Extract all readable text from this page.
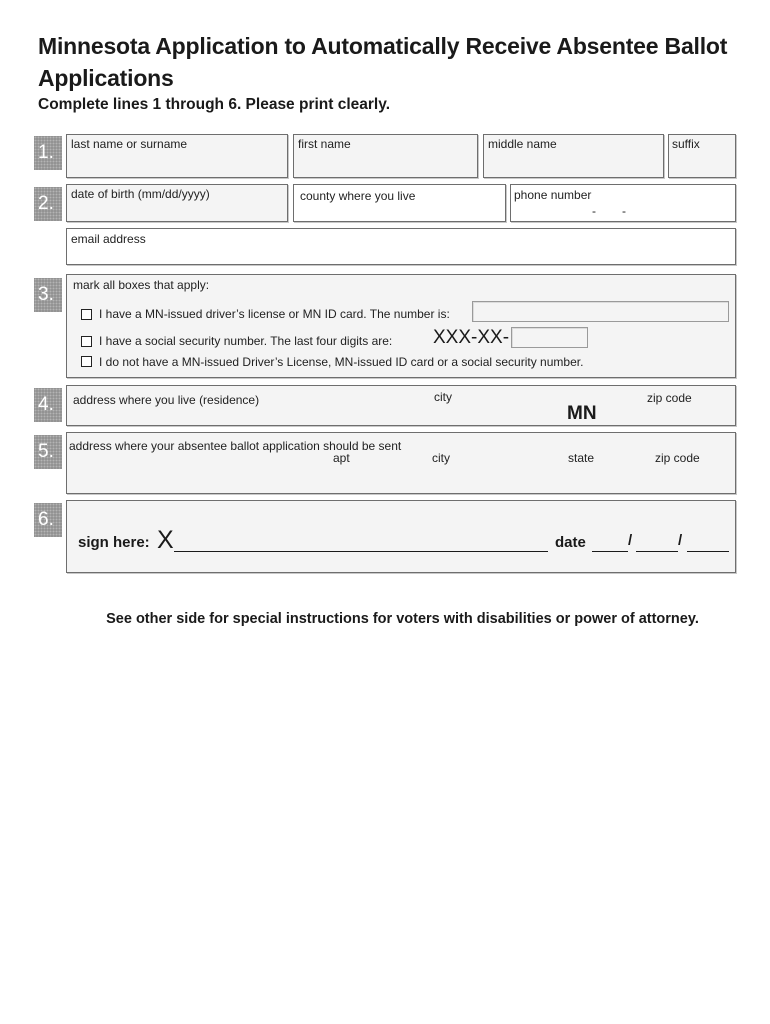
Minnesota Application to Automatically Receive Absentee Ballot Applications
Complete lines 1 through 6. Please print clearly.
1.	last name or surname	first name	middle name	suffix
2.	date of birth (mm/dd/yyyy)	county where you live	phone number
- -
email address
3.	mark all boxes that apply:
I have a MN-issued driver’s license or MN ID card. The number is:
I have a social security number. The last four digits are: XXX-XX-
I do not have a MN-issued Driver’s License, MN-issued ID card or a social security number.
4.	address where you live (residence)	city	zip code
MN
5.	address where your absentee ballot application should be sent
apt	city	state	zip code
6.
sign here: X	date	/	/
See other side for special instructions for voters with disabilities or power of attorney.
